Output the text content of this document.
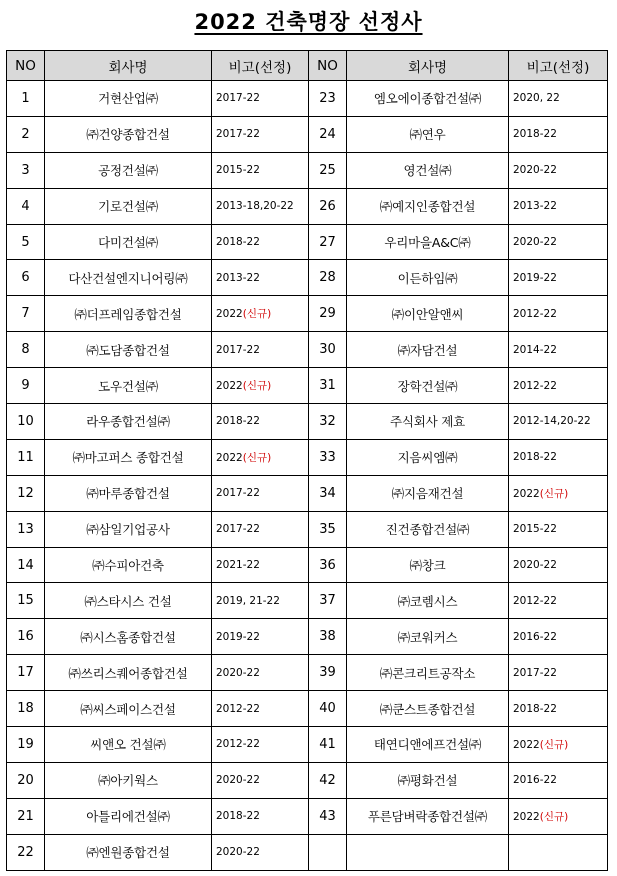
2022 건축명장 선정사
NO	회사명	비고(선정)	NO	회사명	비고(선정)
1	거현산업㈜	2017-22	23	엠오에이종합건설㈜	2020, 22
2	㈜건양종합건설	2017-22	24	㈜연우	2018-22
3	공정건설㈜	2015-22	25	영건설㈜	2020-22
4	기로건설㈜	2013-18,20-22	26	㈜예지인종합건설	2013-22
5	다미건설㈜	2018-22	27	우리마을A&C㈜	2020-22
6	다산건설엔지니어링㈜	2013-22	28	이든하임㈜	2019-22
7	㈜더프레임종합건설	2022(신규)	29	㈜이안알앤씨	2012-22
8	㈜도담종합건설	2017-22	30	㈜자담건설	2014-22
9	도우건설㈜	2022(신규)	31	장학건설㈜	2012-22
10	라우종합건설㈜	2018-22	32	주식회사 제효	2012-14,20-22
11	㈜마고퍼스 종합건설	2022(신규)	33	지음씨엠㈜	2018-22
12	㈜마루종합건설	2017-22	34	㈜지음재건설	2022(신규)
13	㈜삼일기업공사	2017-22	35	진건종합건설㈜	2015-22
14	㈜수피아건축	2021-22	36	㈜창크	2020-22
15	㈜스타시스 건설	2019, 21-22	37	㈜코렘시스	2012-22
16	㈜시스홈종합건설	2019-22	38	㈜코워커스	2016-22
17	㈜쓰리스퀘어종합건설	2020-22	39	㈜콘크리트공작소	2017-22
18	㈜씨스페이스건설	2012-22	40	㈜쿤스트종합건설	2018-22
19	씨앤오 건설㈜	2012-22	41	태연디앤에프건설㈜	2022(신규)
20	㈜아키웍스	2020-22	42	㈜평화건설	2016-22
21	아틀리에건설㈜	2018-22	43	푸른담벼락종합건설㈜	2022(신규)
22	㈜엔원종합건설	2020-22			
